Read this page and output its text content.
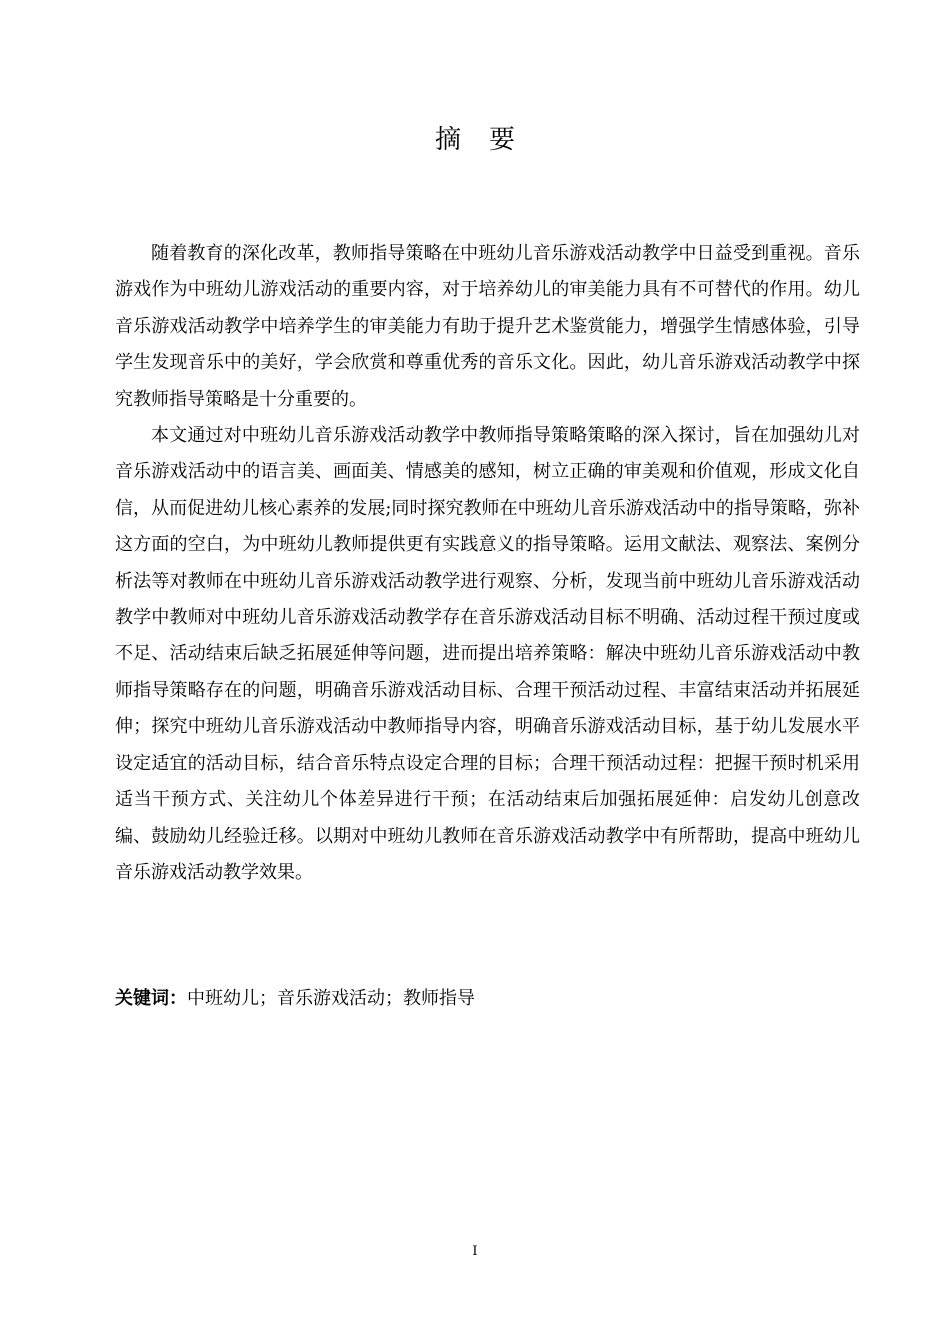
摘要

随着教育的深化改革，教师指导策略在中班幼儿音乐游戏活动教学中日益受到重视。音乐游戏作为中班幼儿游戏活动的重要内容，对于培养幼儿的审美能力具有不可替代的作用。幼儿音乐游戏活动教学中培养学生的审美能力有助于提升艺术鉴赏能力，增强学生情感体验，引导学生发现音乐中的美好，学会欣赏和尊重优秀的音乐文化。因此，幼儿音乐游戏活动教学中探究教师指导策略是十分重要的。

本文通过对中班幼儿音乐游戏活动教学中教师指导策略策略的深入探讨，旨在加强幼儿对音乐游戏活动中的语言美、画面美、情感美的感知，树立正确的审美观和价值观，形成文化自信，从而促进幼儿核心素养的发展;同时探究教师在中班幼儿音乐游戏活动中的指导策略，弥补这方面的空白，为中班幼儿教师提供更有实践意义的指导策略。运用文献法、观察法、案例分析法等对教师在中班幼儿音乐游戏活动教学进行观察、分析，发现当前中班幼儿音乐游戏活动教学中教师对中班幼儿音乐游戏活动教学存在音乐游戏活动目标不明确、活动过程干预过度或不足、活动结束后缺乏拓展延伸等问题，进而提出培养策略：解决中班幼儿音乐游戏活动中教师指导策略存在的问题，明确音乐游戏活动目标、合理干预活动过程、丰富结束活动并拓展延伸；探究中班幼儿音乐游戏活动中教师指导内容，明确音乐游戏活动目标，基于幼儿发展水平设定适宜的活动目标，结合音乐特点设定合理的目标；合理干预活动过程：把握干预时机采用适当干预方式、关注幼儿个体差异进行干预；在活动结束后加强拓展延伸：启发幼儿创意改编、鼓励幼儿经验迁移。以期对中班幼儿教师在音乐游戏活动教学中有所帮助，提高中班幼儿音乐游戏活动教学效果。

关键词：中班幼儿；音乐游戏活动；教师指导

I
